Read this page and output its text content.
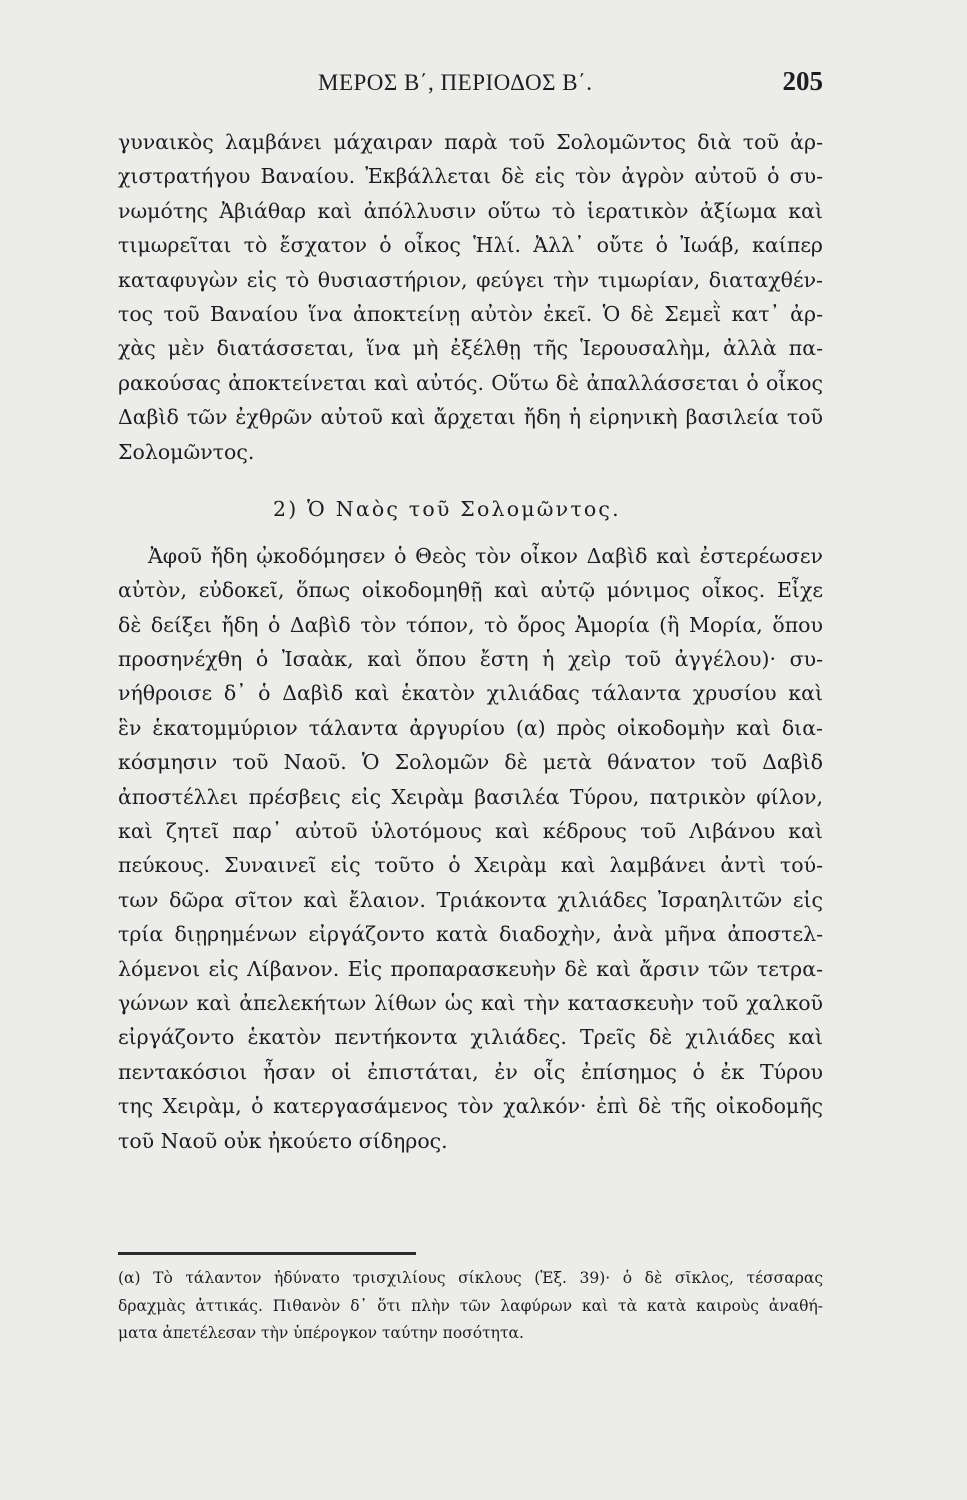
ΜΕΡΟΣ Β΄, ΠΕΡΙΟΔΟΣ Β΄.	205
γυναικὸς λαμβάνει μάχαιραν παρὰ τοῦ Σολομῶντος διὰ τοῦ ἀρ-
χιστρατήγου Βαναίου. Ἐκβάλλεται δὲ εἰς τὸν ἀγρὸν αὐτοῦ ὁ συ-
νωμότης Ἀβιάθαρ καὶ ἀπόλλυσιν οὕτω τὸ ἱερατικὸν ἀξίωμα καὶ
τιμωρεῖται τὸ ἔσχατον ὁ οἶκος Ἡλί. Ἀλλ᾽ οὔτε ὁ Ἰωάβ, καίπερ
καταφυγὼν εἰς τὸ θυσιαστήριον, φεύγει τὴν τιμωρίαν, διαταχθέν-
τος τοῦ Βαναίου ἵνα ἀποκτείνῃ αὐτὸν ἐκεῖ. Ὁ δὲ Σεμεῒ κατ᾽ ἀρ-
χὰς μὲν διατάσσεται, ἵνα μὴ ἐξέλθῃ τῆς Ἱερουσαλὴμ, ἀλλὰ πα-
ρακούσας ἀποκτείνεται καὶ αὐτός. Οὕτω δὲ ἀπαλλάσσεται ὁ οἶκος
Δαβὶδ τῶν ἐχθρῶν αὐτοῦ καὶ ἄρχεται ἤδη ἡ εἰρηνικὴ βασιλεία τοῦ
Σολομῶντος.
2) Ὁ Ναὸς τοῦ Σολομῶντος.
Ἀφοῦ ἤδη ᾠκοδόμησεν ὁ Θεὸς τὸν οἶκον Δαβὶδ καὶ ἐστερέωσεν
αὐτὸν, εὐδοκεῖ, ὅπως οἰκοδομηθῇ καὶ αὐτῷ μόνιμος οἶκος. Εἶχε
δὲ δείξει ἤδη ὁ Δαβὶδ τὸν τόπον, τὸ ὄρος Ἀμορία (ἢ Μορία, ὅπου
προσηνέχθη ὁ Ἰσαὰκ, καὶ ὅπου ἔστη ἡ χεὶρ τοῦ ἀγγέλου)· συ-
νήθροισε δ᾽ ὁ Δαβὶδ καὶ ἑκατὸν χιλιάδας τάλαντα χρυσίου καὶ
ἓν ἑκατομμύριον τάλαντα ἀργυρίου (α) πρὸς οἰκοδομὴν καὶ δια-
κόσμησιν τοῦ Ναοῦ. Ὁ Σολομῶν δὲ μετὰ θάνατον τοῦ Δαβὶδ
ἀποστέλλει πρέσβεις εἰς Χειρὰμ βασιλέα Τύρου, πατρικὸν φίλον,
καὶ ζητεῖ παρ᾽ αὐτοῦ ὑλοτόμους καὶ κέδρους τοῦ Λιβάνου καὶ
πεύκους. Συναινεῖ εἰς τοῦτο ὁ Χειρὰμ καὶ λαμβάνει ἀντὶ τού-
των δῶρα σῖτον καὶ ἔλαιον. Τριάκοντα χιλιάδες Ἰσραηλιτῶν εἰς
τρία διῃρημένων εἰργάζοντο κατὰ διαδοχὴν, ἀνὰ μῆνα ἀποστελ-
λόμενοι εἰς Λίβανον. Εἰς προπαρασκευὴν δὲ καὶ ἄρσιν τῶν τετρα-
γώνων καὶ ἀπελεκήτων λίθων ὡς καὶ τὴν κατασκευὴν τοῦ χαλκοῦ
εἰργάζοντο ἑκατὸν πεντήκοντα χιλιάδες. Τρεῖς δὲ χιλιάδες καὶ
πεντακόσιοι ἦσαν οἱ ἐπιστάται, ἐν οἷς ἐπίσημος ὁ ἐκ Τύρου
της Χειρὰμ, ὁ κατεργασάμενος τὸν χαλκόν· ἐπὶ δὲ τῆς οἰκοδομῆς
τοῦ Ναοῦ οὐκ ἠκούετο σίδηρος.
(α) Τὸ τάλαντον ἠδύνατο τρισχιλίους σίκλους (Ἐξ. 39)· ὁ δὲ σῖκλος, τέσσαρας
δραχμὰς ἀττικάς. Πιθανὸν δ᾽ ὅτι πλὴν τῶν λαφύρων καὶ τὰ κατὰ καιροὺς ἀναθή-
ματα ἀπετέλεσαν τὴν ὑπέρογκον ταύτην ποσότητα.
